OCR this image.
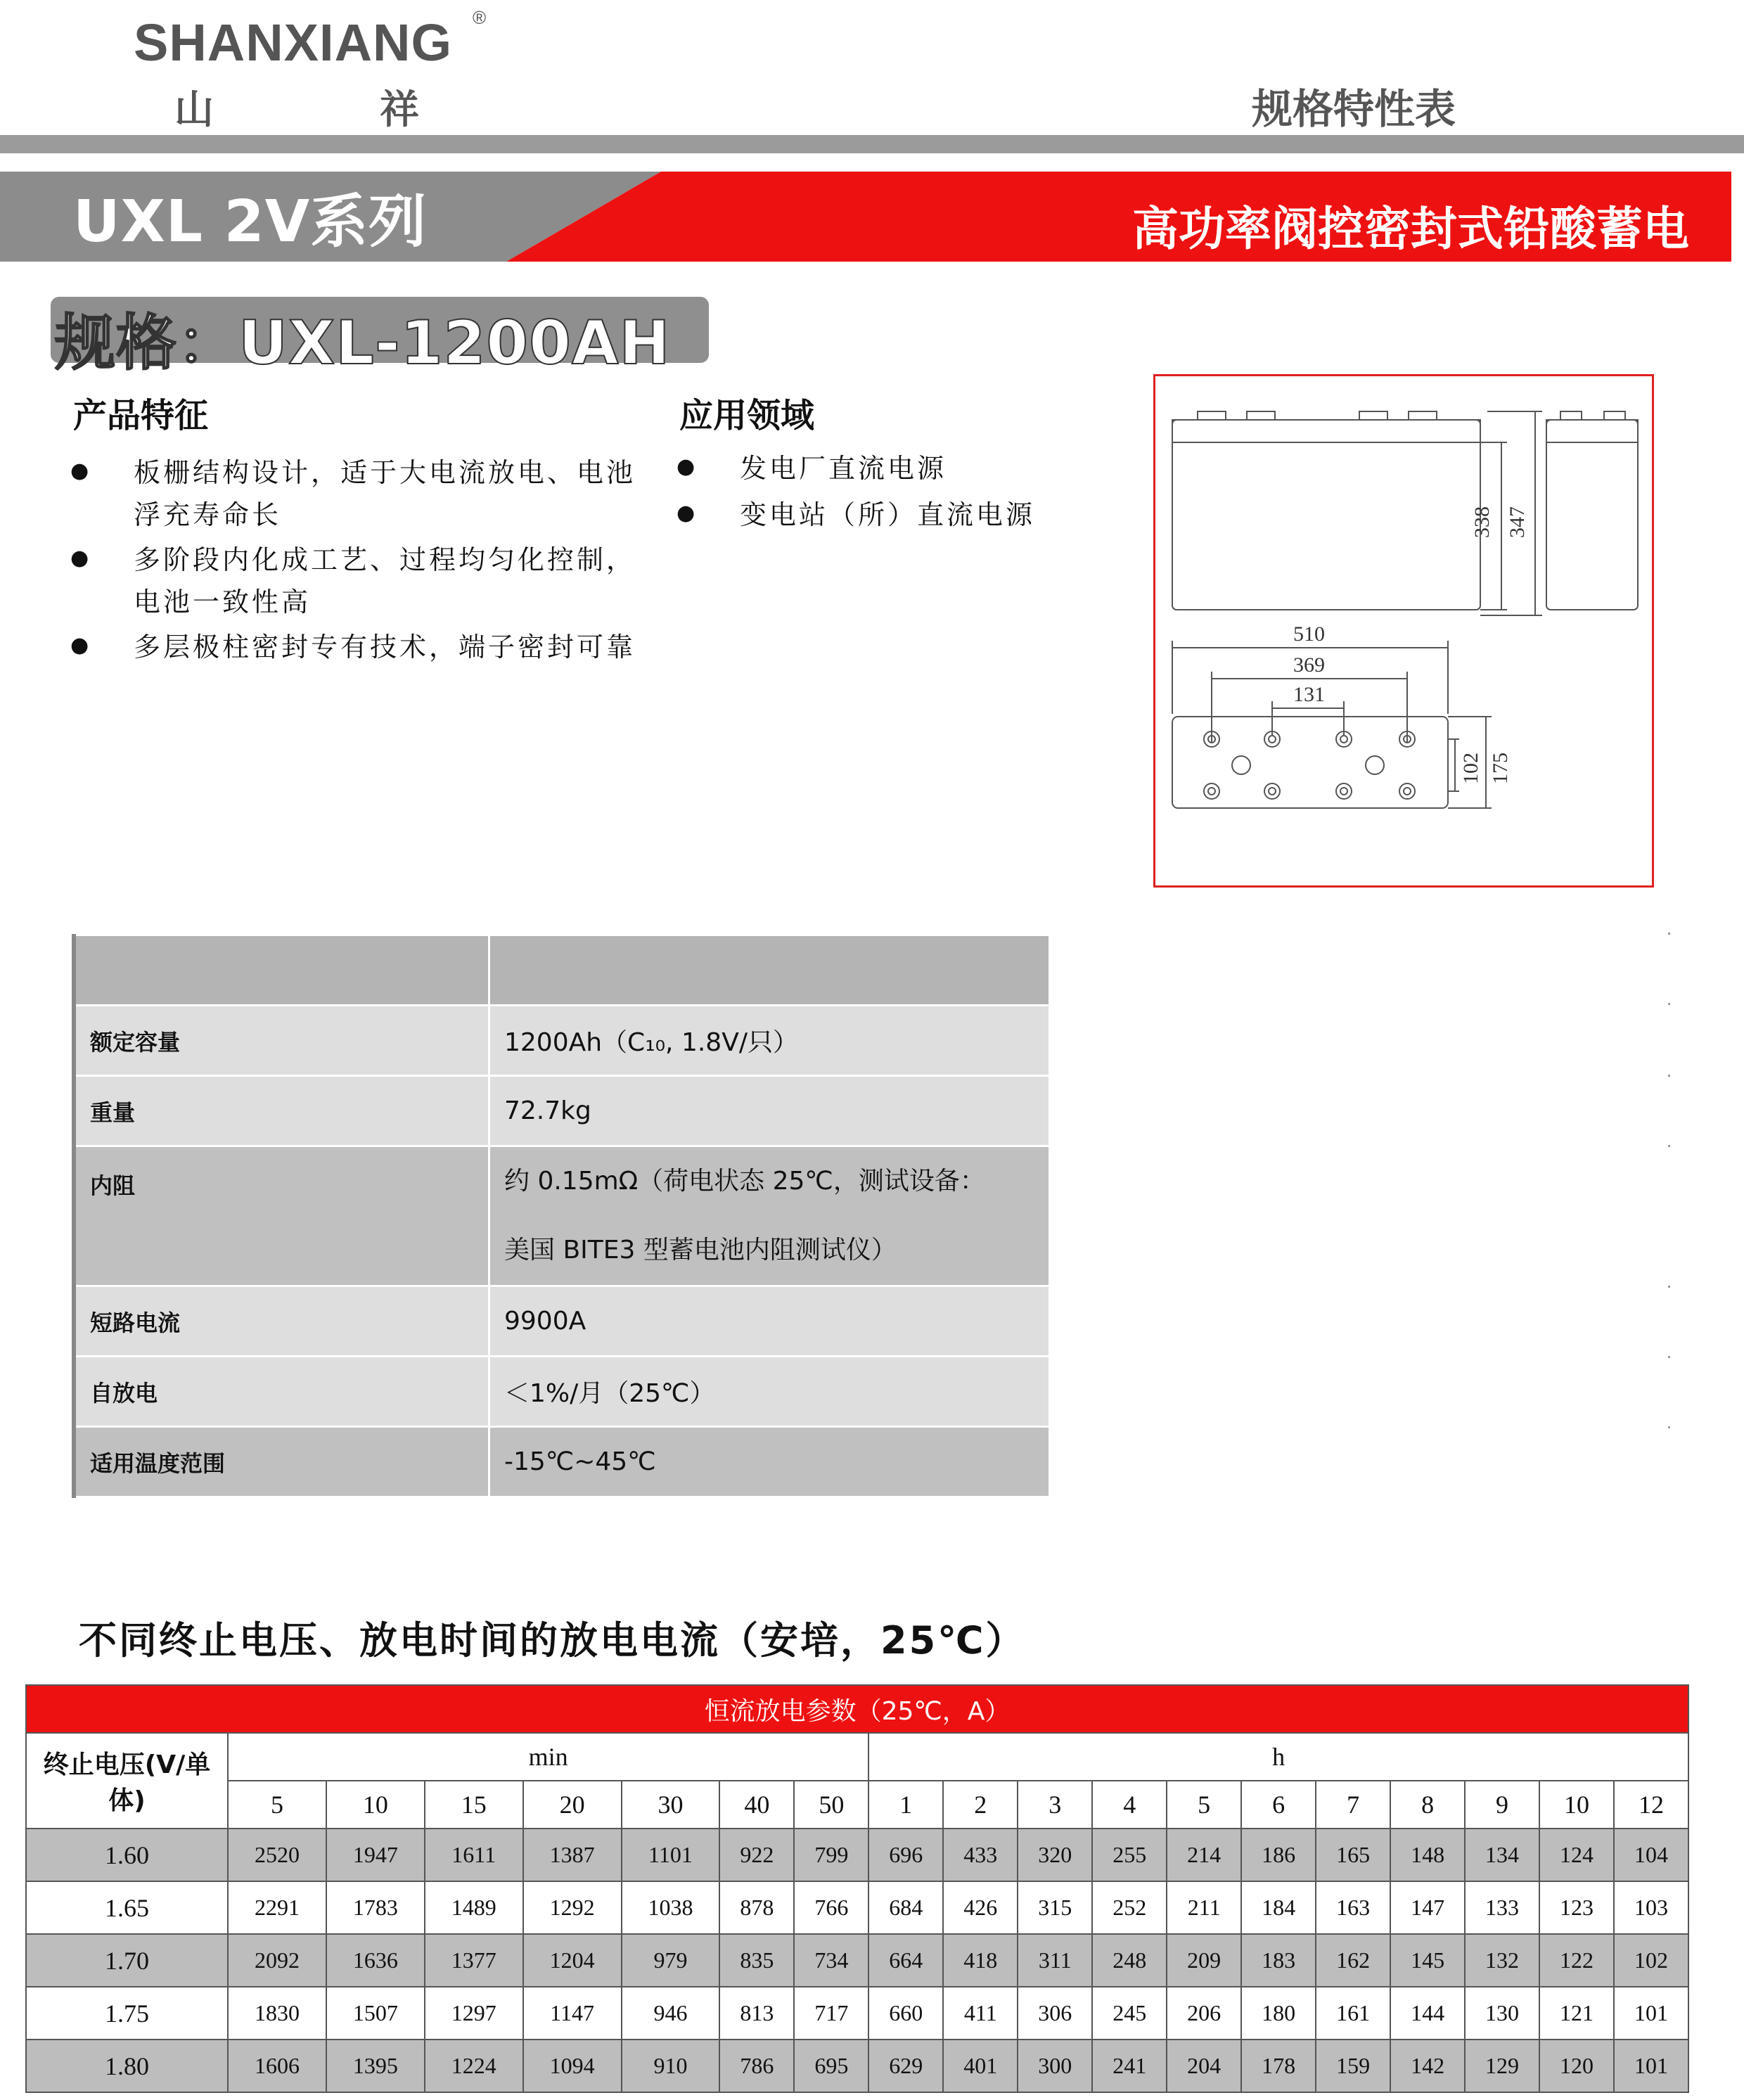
SHANXIANG ®
山	祥	规格特性表
UXL 2V系列	高功率阀控密封式铅酸蓄电
规格：UXL-1200AH
产品特征
● 板栅结构设计，适于大电流放电、电池浮充寿命长
● 多阶段内化成工艺、过程均匀化控制，电池一致性高
● 多层极柱密封专有技术，端子密封可靠
应用领域
● 发电厂直流电源
● 变电站（所）直流电源	338 347
510
369
131
102 175

额定容量	1200Ah（C₁₀, 1.8V/只）
重量	72.7kg
内阻	约 0.15mΩ（荷电状态 25℃，测试设备：
美国 BITE3 型蓄电池内阻测试仪）
短路电流	9900A
自放电	＜1%/月（25℃）
适用温度范围	-15℃~45℃
不同终止电压、放电时间的放电电流（安培，25℃）
恒流放电参数（25℃，A）																		
终止电压(V/单体)	min							h										
	5	10	15	20	30	40	50	1	2	3	4	5	6	7	8	9	10	12
1.60	2520	1947	1611	1387	1101	922	799	696	433	320	255	214	186	165	148	134	124	104
1.65	2291	1783	1489	1292	1038	878	766	684	426	315	252	211	184	163	147	133	123	103
1.70	2092	1636	1377	1204	979	835	734	664	418	311	248	209	183	162	145	132	122	102
1.75	1830	1507	1297	1147	946	813	717	660	411	306	245	206	180	161	144	130	121	101
1.80	1606	1395	1224	1094	910	786	695	629	401	300	241	204	178	159	142	129	120	101
